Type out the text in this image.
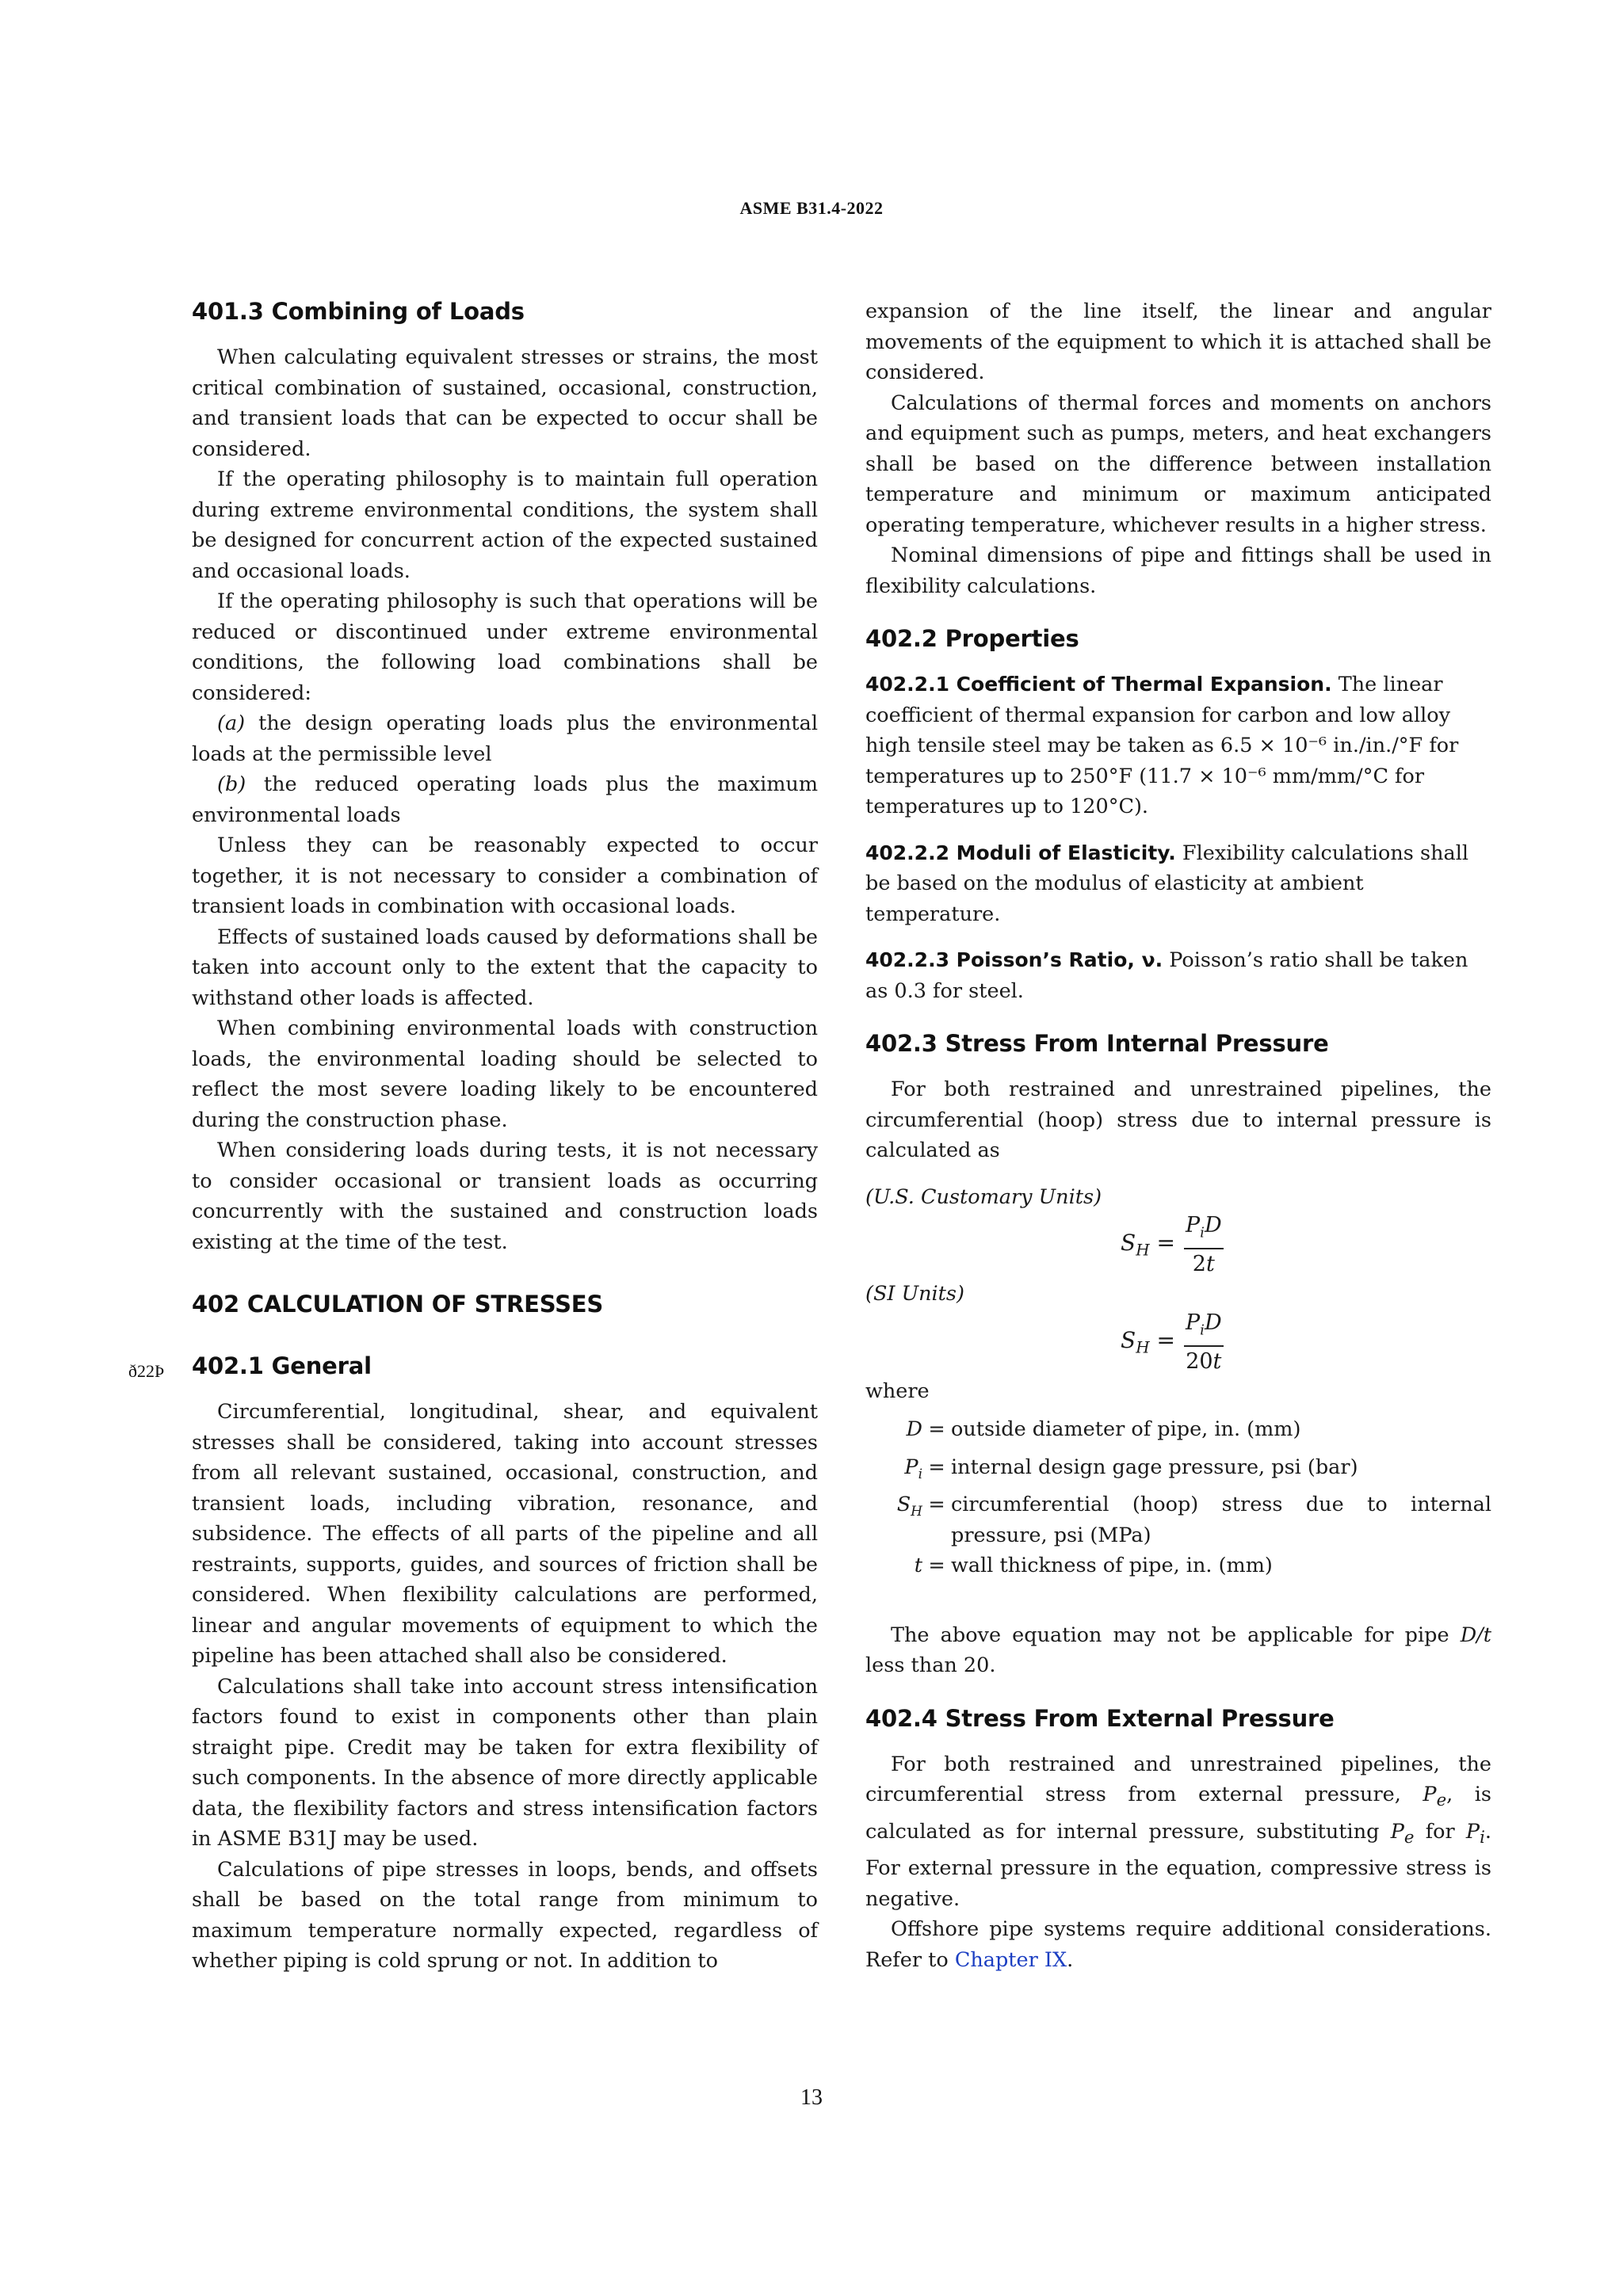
ASME B31.4-2022
ð22Þ
401.3 Combining of Loads

When calculating equivalent stresses or strains, the most critical combination of sustained, occasional, construction, and transient loads that can be expected to occur shall be considered.

If the operating philosophy is to maintain full operation during extreme environmental conditions, the system shall be designed for concurrent action of the expected sustained and occasional loads.

If the operating philosophy is such that operations will be reduced or discontinued under extreme environmental conditions, the following load combinations shall be considered:

(a) the design operating loads plus the environmental loads at the permissible level

(b) the reduced operating loads plus the maximum environmental loads

Unless they can be reasonably expected to occur together, it is not necessary to consider a combination of transient loads in combination with occasional loads.

Effects of sustained loads caused by deformations shall be taken into account only to the extent that the capacity to withstand other loads is affected.

When combining environmental loads with construction loads, the environmental loading should be selected to reflect the most severe loading likely to be encountered during the construction phase.

When considering loads during tests, it is not necessary to consider occasional or transient loads as occurring concurrently with the sustained and construction loads existing at the time of the test.

402 CALCULATION OF STRESSES
402.1 General

Circumferential, longitudinal, shear, and equivalent stresses shall be considered, taking into account stresses from all relevant sustained, occasional, construction, and transient loads, including vibration, resonance, and subsidence. The effects of all parts of the pipeline and all restraints, supports, guides, and sources of friction shall be considered. When flexibility calculations are performed, linear and angular movements of equipment to which the pipeline has been attached shall also be considered.

Calculations shall take into account stress intensification factors found to exist in components other than plain straight pipe. Credit may be taken for extra flexibility of such components. In the absence of more directly applicable data, the flexibility factors and stress intensification factors in ASME B31J may be used.

Calculations of pipe stresses in loops, bends, and offsets shall be based on the total range from minimum to maximum temperature normally expected, regardless of whether piping is cold sprung or not. In addition to

expansion of the line itself, the linear and angular movements of the equipment to which it is attached shall be considered.

Calculations of thermal forces and moments on anchors and equipment such as pumps, meters, and heat exchangers shall be based on the difference between installation temperature and minimum or maximum anticipated operating temperature, whichever results in a higher stress.

Nominal dimensions of pipe and fittings shall be used in flexibility calculations.

402.2 Properties

402.2.1 Coefficient of Thermal Expansion. The linear coefficient of thermal expansion for carbon and low alloy high tensile steel may be taken as 6.5 × 10⁻⁶ in./in./°F for temperatures up to 250°F (11.7 × 10⁻⁶ mm/mm/°C for temperatures up to 120°C).

402.2.2 Moduli of Elasticity. Flexibility calculations shall be based on the modulus of elasticity at ambient temperature.

402.2.3 Poisson’s Ratio, ν. Poisson’s ratio shall be taken as 0.3 for steel.

402.3 Stress From Internal Pressure

For both restrained and unrestrained pipelines, the circumferential (hoop) stress due to internal pressure is calculated as

(U.S. Customary Units)

$S_H$ =
$P_iD$
2t

(SI Units)

$S_H$ =
$P_iD$
20t

where

D = outside diameter of pipe, in. (mm)
$P_i$ = internal design gage pressure, psi (bar)
$S_H$ = circumferential (hoop) stress due to internal pressure, psi (MPa)
t = wall thickness of pipe, in. (mm)

The above equation may not be applicable for pipe D/t less than 20.

402.4 Stress From External Pressure

For both restrained and unrestrained pipelines, the circumferential stress from external pressure, $P_e$, is calculated as for internal pressure, substituting $P_e$ for $P_i$. For external pressure in the equation, compressive stress is negative.

Offshore pipe systems require additional considerations. Refer to Chapter IX.

13
